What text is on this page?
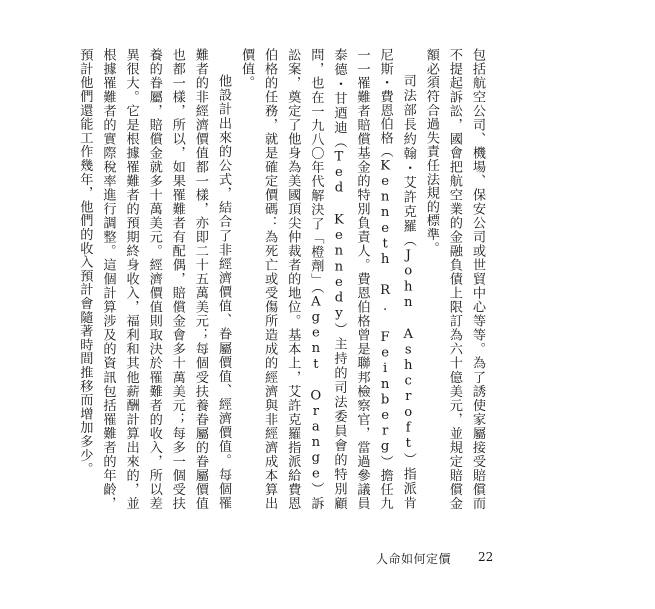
包括航空公司、機場、保安公司或世貿中心等等。為了誘使家屬接受賠償而不提起訴訟，國會把航空業的金融負債上限訂為六十億美元，並規定賠償金額必須符合過失責任法規的標準。

司法部長約翰・艾許克羅（John Ashcroft）指派肯尼斯・費恩伯格（Kenneth R. Feinberg）擔任九一一罹難者賠償基金的特別負責人。費恩伯格曾是聯邦檢察官，當過參議員泰德・甘迺迪（Ted Kennedy）主持的司法委員會的特別顧問，也在一九八〇年代解決了「橙劑」（Agent Orange）訴訟案，奠定了他身為美國頂尖仲裁者的地位。基本上，艾許克羅指派給費恩伯格的任務，就是確定價碼：為死亡或受傷所造成的經濟與非經濟成本算出價值。

他設計出來的公式，結合了非經濟價值、眷屬價值、經濟價值。每個罹難者的非經濟價值都一樣，亦即二十五萬美元；每個受扶養眷屬的眷屬價值也都一樣，所以，如果罹難者有配偶，賠償金會多十萬美元；每多一個受扶養的眷屬，賠償金就多十萬美元。經濟價值則取決於罹難者的收入，所以差異很大。它是根據罹難者的預期終身收入，福利和其他薪酬計算出來的，並根據罹難者的實際稅率進行調整。這個計算涉及的資訊包括罹難者的年齡，預計他們還能工作幾年，他們的收入預計會隨著時間推移而增加多少。

人命如何定價 22
